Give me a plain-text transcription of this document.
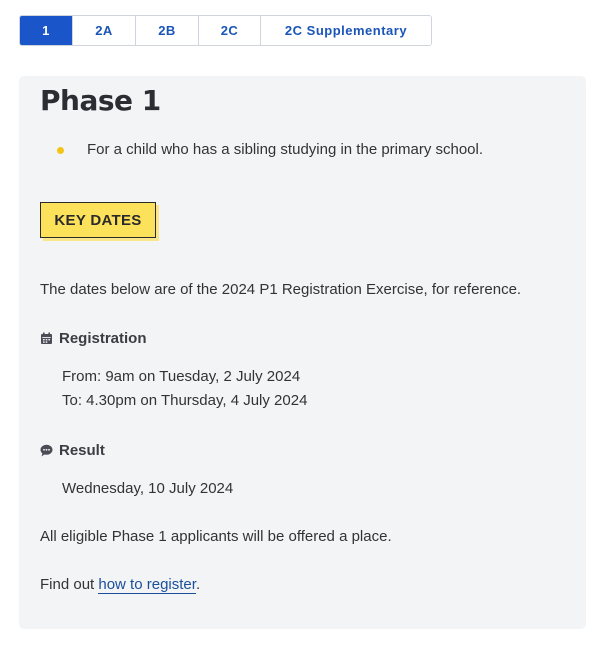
1	2A	2B	2C	2C Supplementary
Phase 1
For a child who has a sibling studying in the primary school.
KEY DATES
The dates below are of the 2024 P1 Registration Exercise, for reference.
Registration
From: 9am on Tuesday, 2 July 2024
To: 4.30pm on Thursday, 4 July 2024
Result
Wednesday, 10 July 2024
All eligible Phase 1 applicants will be offered a place.
Find out how to register.
